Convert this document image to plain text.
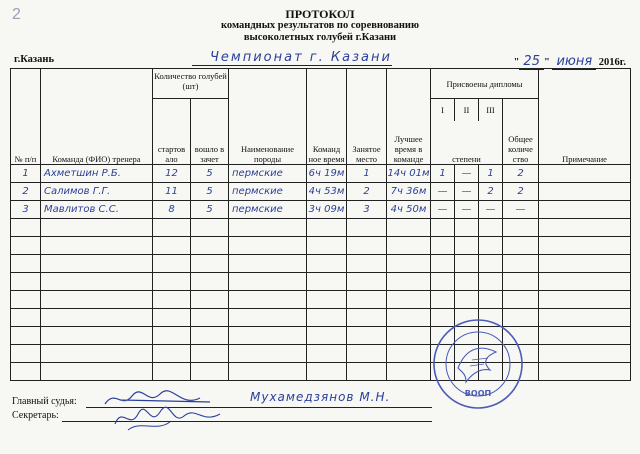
2	ПРОТОКОЛ
командных результатов по соревнованию
высоколетных голубей г.Казани
г.Казань	Чемпионат г. Казани	" 25 " июня 2016г.
№ п/п	Команда (ФИО) тренера	Количество голубей (шт)		Наименование породы	Команд ное время	Занятое место	Лучшее время в команде	Присвоены дипломы				Примечание
		стартов ало	вошло в зачет					I	II	III	Общее количе ство	
								степени				
1	Ахметшин Р.Б.	12	5	пермские	6ч 19м	1	14ч 01м	1	—	1	2	
2	Салимов Г.Г.	11	5	пермские	4ч 53м	2	7ч 36м	—	—	2	2	
3	Мавлитов С.С.	8	5	пермские	3ч 09м	3	4ч 50м	—	—	—	—	

Главный судья:	Мухамедзянов М.Н.
Секретарь:
ВООП
